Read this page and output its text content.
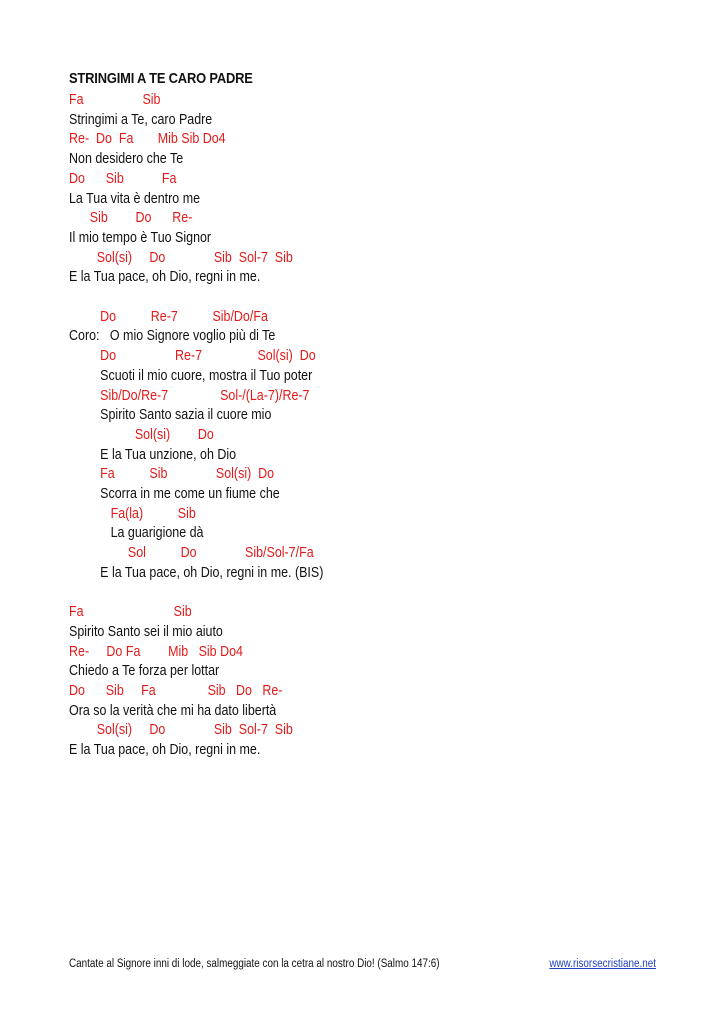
STRINGIMI A TE CARO PADRE
Fa                 Sib
Stringimi a Te, caro Padre
Re-  Do  Fa       Mib Sib Do4
Non desidero che Te
Do      Sib           Fa
La Tua vita è dentro me
Sib        Do      Re-
Il mio tempo è Tuo Signor
Sol(si)     Do              Sib  Sol-7  Sib
E la Tua pace, oh Dio, regni in me.
Do          Re-7          Sib/Do/Fa
Coro:   O mio Signore voglio più di Te
Do                 Re-7                Sol(si)  Do
Scuoti il mio cuore, mostra il Tuo poter
Sib/Do/Re-7               Sol-/(La-7)/Re-7
Spirito Santo sazia il cuore mio
Sol(si)        Do
E la Tua unzione, oh Dio
Fa          Sib              Sol(si)  Do
Scorra in me come un fiume che
Fa(la)          Sib
La guarigione dà
Sol          Do              Sib/Sol-7/Fa
E la Tua pace, oh Dio, regni in me. (BIS)
Fa                          Sib
Spirito Santo sei il mio aiuto
Re-     Do Fa        Mib   Sib Do4
Chiedo a Te forza per lottar
Do      Sib     Fa               Sib   Do   Re-
Ora so la verità che mi ha dato libertà
Sol(si)     Do              Sib  Sol-7  Sib
E la Tua pace, oh Dio, regni in me.
Cantate al Signore inni di lode, salmeggiate con la cetra al nostro Dio! (Salmo 147:6)	www.risorsecristiane.net
